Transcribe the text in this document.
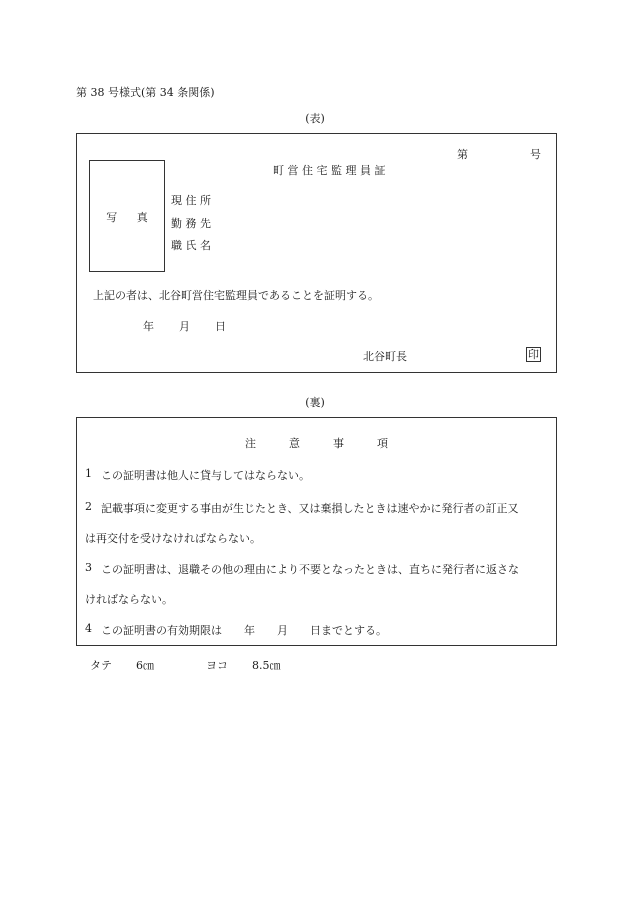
第 38 号様式(第 34 条関係)
(表)
第	号
町 営 住 宅 監 理 員 証
写 真
現 住 所
勤 務 先
職 氏 名
上記の者は、北谷町営住宅監理員であることを証明する。
年 月 日
北谷町長	印
(裏)
注　　　意　　　事　　　項
1 この証明書は他人に貸与してはならない。
2 記載事項に変更する事由が生じたとき、又は棄損したときは速やかに発行者の訂正又
は再交付を受けなければならない。
3 この証明書は、退職その他の理由により不要となったときは、直ちに発行者に返さな
ければならない。
4 この証明書の有効期限は　　年　　月　　日までとする。
タテ 6㎝	ヨコ 8.5㎝
